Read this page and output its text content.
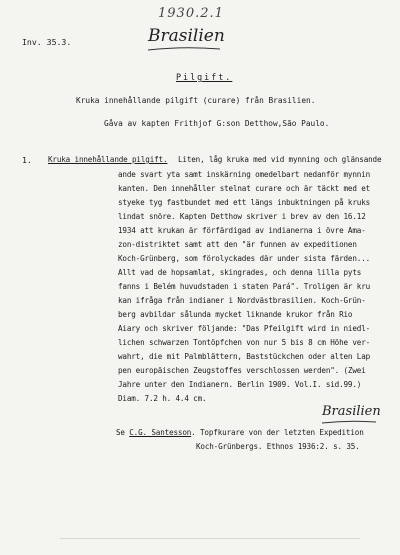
1930.2.1
Inv. 35.3.	Brasilien
Pilgift.
Kruka innehållande pilgift (curare) från Brasilien.
Gåva av kapten Frithjof G:son Detthow,São Paulo.
1. Kruka innehållande pilgift. Liten, låg kruka med vid mynning och glänsande
ande svart yta samt inskärning omedelbart nedanför mynnin
kanten. Den innehåller stelnat curare och är täckt med et
styeke tyg fastbundet med ett längs inbuktningen på kruks
lindat snöre. Kapten Detthow skriver i brev av den 16.12
1934 att krukan är förfärdigad av indianerna i övre Ama-
zon-distriktet samt att den "är funnen av expeditionen
Koch-Grünberg, som förolyckades där under sista färden...
Allt vad de hopsamlat, skingrades, och denna lilla pyts
fanns i Belém huvudstaden i staten Pará". Troligen är kru
kan ifråga från indianer i Nordvästbrasilien. Koch-Grün-
berg avbildar sålunda mycket liknande krukor från Rio
Aiary och skriver följande: "Das Pfeilgift wird in niedl-
lichen schwarzen Tontöpfchen von nur 5 bis 8 cm Höhe ver-
wahrt, die mit Palmblättern, Baststückchen oder alten Lap
pen europäischen Zeugstoffes verschlossen werden". (Zwei
Jahre unter den Indianern. Berlin 1909. Vol.I. sid.99.)
Diam. 7.2 h. 4.4 cm.
Brasilien
Se C.G. Santesson. Topfkurare von der letzten Expedition
Koch-Grünbergs. Ethnos 1936:2. s. 35.
